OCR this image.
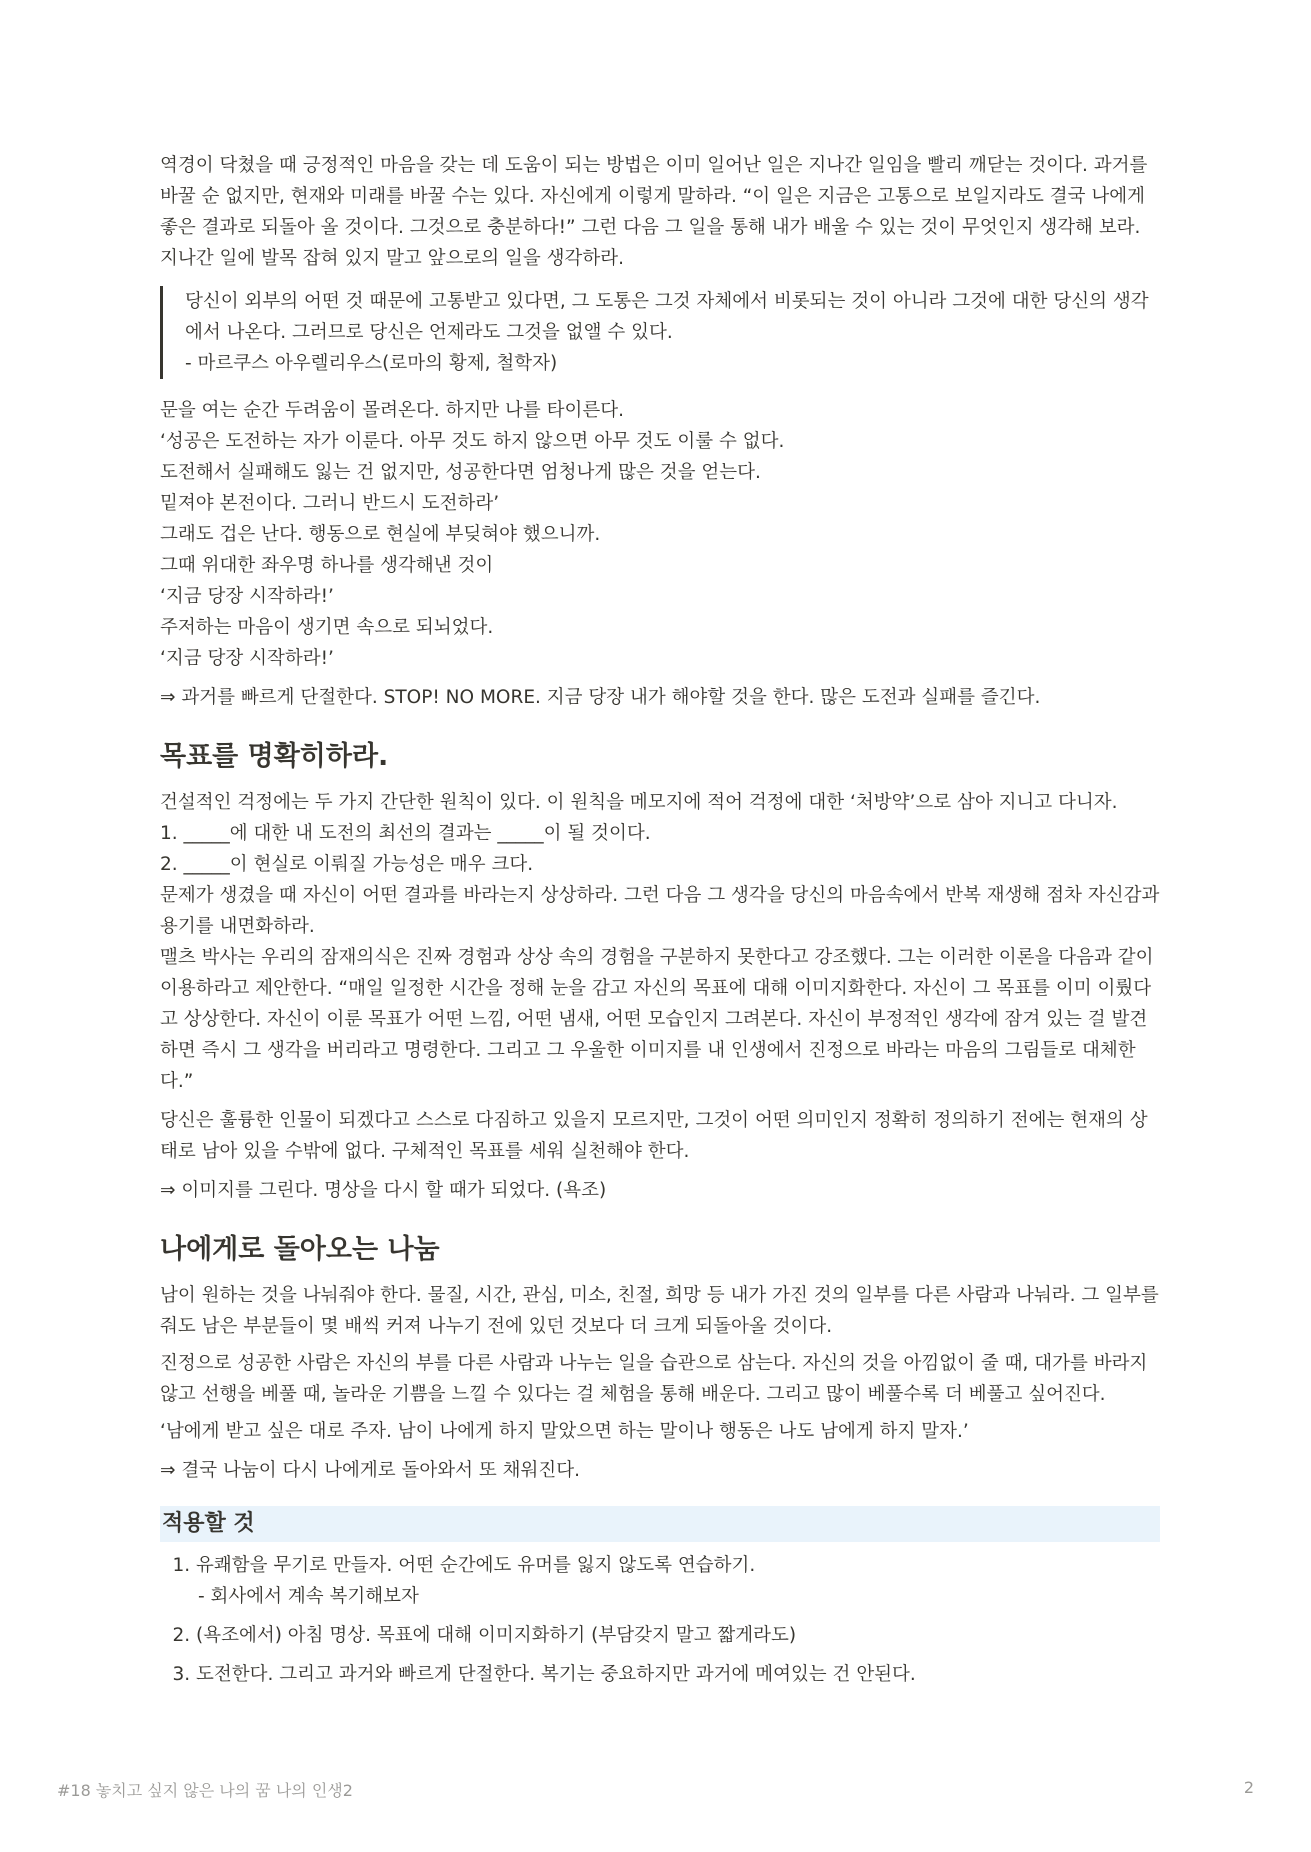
역경이 닥쳤을 때 긍정적인 마음을 갖는 데 도움이 되는 방법은 이미 일어난 일은 지나간 일임을 빨리 깨닫는 것이다. 과거를 바꿀 순 없지만, 현재와 미래를 바꿀 수는 있다. 자신에게 이렇게 말하라. “이 일은 지금은 고통으로 보일지라도 결국 나에게 좋은 결과로 되돌아 올 것이다. 그것으로 충분하다!” 그런 다음 그 일을 통해 내가 배울 수 있는 것이 무엇인지 생각해 보라. 지나간 일에 발목 잡혀 있지 말고 앞으로의 일을 생각하라.

당신이 외부의 어떤 것 때문에 고통받고 있다면, 그 도통은 그것 자체에서 비롯되는 것이 아니라 그것에 대한 당신의 생각에서 나온다. 그러므로 당신은 언제라도 그것을 없앨 수 있다.

- 마르쿠스 아우렐리우스(로마의 황제, 철학자)

문을 여는 순간 두려움이 몰려온다. 하지만 나를 타이른다.

‘성공은 도전하는 자가 이룬다. 아무 것도 하지 않으면 아무 것도 이룰 수 없다.

도전해서 실패해도 잃는 건 없지만, 성공한다면 엄청나게 많은 것을 얻는다.

밑져야 본전이다. 그러니 반드시 도전하라’

그래도 겁은 난다. 행동으로 현실에 부딪혀야 했으니까.

그때 위대한 좌우명 하나를 생각해낸 것이

‘지금 당장 시작하라!’

주저하는 마음이 생기면 속으로 되뇌었다.

‘지금 당장 시작하라!’

⇒ 과거를 빠르게 단절한다. STOP! NO MORE. 지금 당장 내가 해야할 것을 한다. 많은 도전과 실패를 즐긴다.

목표를 명확히하라.

건설적인 걱정에는 두 가지 간단한 원칙이 있다. 이 원칙을 메모지에 적어 걱정에 대한 ‘처방약’으로 삼아 지니고 다니자.

1. _____에 대한 내 도전의 최선의 결과는 _____이 될 것이다.

2. _____이 현실로 이뤄질 가능성은 매우 크다.

문제가 생겼을 때 자신이 어떤 결과를 바라는지 상상하라. 그런 다음 그 생각을 당신의 마음속에서 반복 재생해 점차 자신감과 용기를 내면화하라.

맬츠 박사는 우리의 잠재의식은 진짜 경험과 상상 속의 경험을 구분하지 못한다고 강조했다. 그는 이러한 이론을 다음과 같이 이용하라고 제안한다. “매일 일정한 시간을 정해 눈을 감고 자신의 목표에 대해 이미지화한다. 자신이 그 목표를 이미 이뤘다고 상상한다. 자신이 이룬 목표가 어떤 느낌, 어떤 냄새, 어떤 모습인지 그려본다. 자신이 부정적인 생각에 잠겨 있는 걸 발견하면 즉시 그 생각을 버리라고 명령한다. 그리고 그 우울한 이미지를 내 인생에서 진정으로 바라는 마음의 그림들로 대체한다.”

당신은 훌륭한 인물이 되겠다고 스스로 다짐하고 있을지 모르지만, 그것이 어떤 의미인지 정확히 정의하기 전에는 현재의 상태로 남아 있을 수밖에 없다. 구체적인 목표를 세워 실천해야 한다.

⇒ 이미지를 그린다. 명상을 다시 할 때가 되었다. (욕조)

나에게로 돌아오는 나눔

남이 원하는 것을 나눠줘야 한다. 물질, 시간, 관심, 미소, 친절, 희망 등 내가 가진 것의 일부를 다른 사람과 나눠라. 그 일부를 줘도 남은 부분들이 몇 배씩 커져 나누기 전에 있던 것보다 더 크게 되돌아올 것이다.

진정으로 성공한 사람은 자신의 부를 다른 사람과 나누는 일을 습관으로 삼는다. 자신의 것을 아낌없이 줄 때, 대가를 바라지 않고 선행을 베풀 때, 놀라운 기쁨을 느낄 수 있다는 걸 체험을 통해 배운다. 그리고 많이 베풀수록 더 베풀고 싶어진다.

‘남에게 받고 싶은 대로 주자. 남이 나에게 하지 말았으면 하는 말이나 행동은 나도 남에게 하지 말자.’

⇒ 결국 나눔이 다시 나에게로 돌아와서 또 채워진다.

적용할 것
1. 유쾌함을 무기로 만들자. 어떤 순간에도 유머를 잃지 않도록 연습하기.
- 회사에서 계속 복기해보자
2. (욕조에서) 아침 명상. 목표에 대해 이미지화하기 (부담갖지 말고 짧게라도)
3. 도전한다. 그리고 과거와 빠르게 단절한다. 복기는 중요하지만 과거에 메여있는 건 안된다.
#18 놓치고 싶지 않은 나의 꿈 나의 인생2	2
